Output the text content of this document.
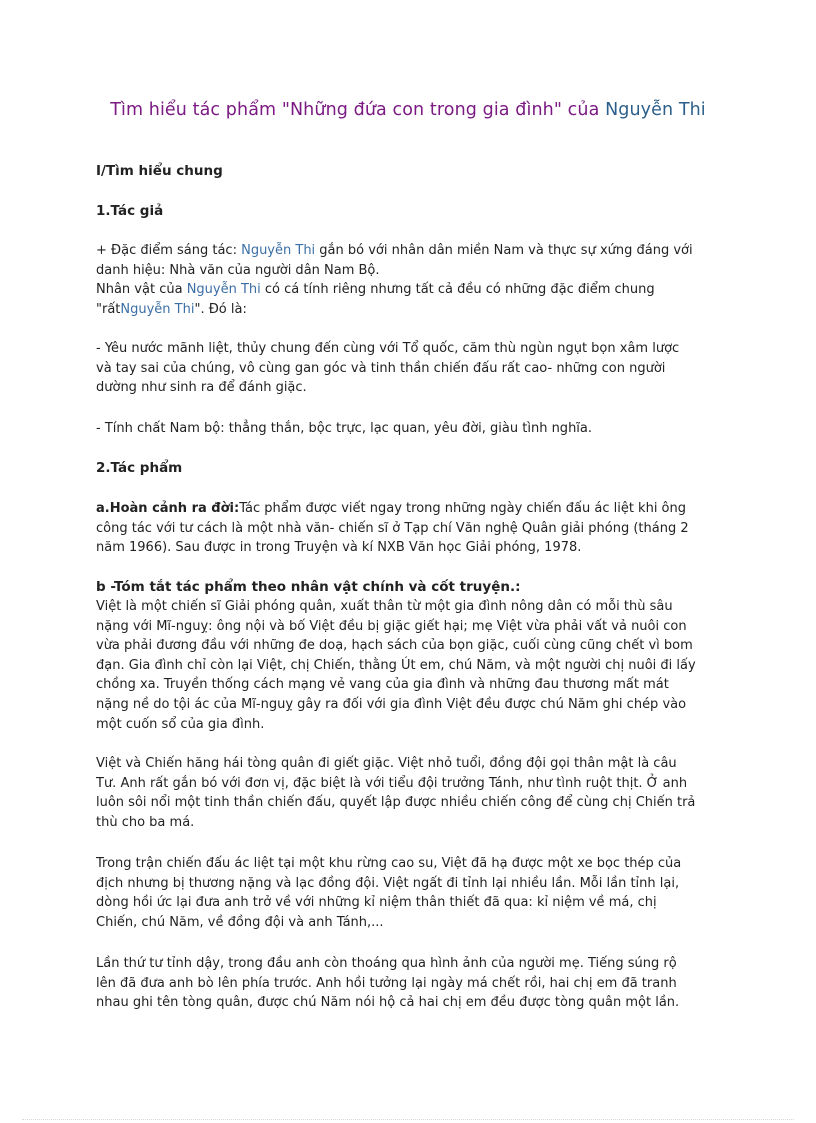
Tìm hiểu tác phẩm "Những đứa con trong gia đình" của Nguyễn Thi
I/Tìm hiểu chung
1.Tác giả
+ Đặc điểm sáng tác: Nguyễn Thi gắn bó với nhân dân miền Nam và thực sự xứng đáng với
danh hiệu: Nhà văn của người dân Nam Bộ.
Nhân vật của Nguyễn Thi có cá tính riêng nhưng tất cả đều có những đặc điểm chung
"rấtNguyễn Thi". Đó là:
- Yêu nước mãnh liệt, thủy chung đến cùng với Tổ quốc, căm thù ngùn ngụt bọn xâm lược
và tay sai của chúng, vô cùng gan góc và tinh thần chiến đấu rất cao- những con người
dường như sinh ra để đánh giặc.
- Tính chất Nam bộ: thẳng thắn, bộc trực, lạc quan, yêu đời, giàu tình nghĩa.
2.Tác phẩm
a.Hoàn cảnh ra đời:Tác phẩm được viết ngay trong những ngày chiến đấu ác liệt khi ông
công tác với tư cách là một nhà văn- chiến sĩ ở Tạp chí Văn nghệ Quân giải phóng (tháng 2
năm 1966). Sau được in trong Truyện và kí NXB Văn học Giải phóng, 1978.
b -Tóm tắt tác phẩm theo nhân vật chính và cốt truyện.:
Việt là một chiến sĩ Giải phóng quân, xuất thân từ một gia đình nông dân có mỗi thù sâu
nặng với Mĩ-nguỵ: ông nội và bố Việt đều bị giặc giết hại; mẹ Việt vừa phải vất vả nuôi con
vừa phải đương đầu với những đe doạ, hạch sách của bọn giặc, cuối cùng cũng chết vì bom
đạn. Gia đình chỉ còn lại Việt, chị Chiến, thằng Út em, chú Năm, và một người chị nuôi đi lấy
chồng xa. Truyền thống cách mạng vẻ vang của gia đình và những đau thương mất mát
nặng nề do tội ác của Mĩ-nguỵ gây ra đối với gia đình Việt đều được chú Năm ghi chép vào
một cuốn sổ của gia đình.
Việt và Chiến hăng hái tòng quân đi giết giặc. Việt nhỏ tuổi, đồng đội gọi thân mật là câu
Tư. Anh rất gắn bó với đơn vị, đặc biệt là với tiểu đội trưởng Tánh, như tình ruột thịt. Ở anh
luôn sôi nổi một tinh thần chiến đấu, quyết lập được nhiều chiến công để cùng chị Chiến trả
thù cho ba má.
Trong trận chiến đấu ác liệt tại một khu rừng cao su, Việt đã hạ được một xe bọc thép của
địch nhưng bị thương nặng và lạc đồng đội. Việt ngất đi tỉnh lại nhiều lần. Mỗi lần tỉnh lại,
dòng hồi ức lại đưa anh trở về với những kỉ niệm thân thiết đã qua: kỉ niệm về má, chị
Chiến, chú Năm, về đồng đội và anh Tánh,...
Lần thứ tư tỉnh dậy, trong đầu anh còn thoáng qua hình ảnh của người mẹ. Tiếng súng rộ
lên đã đưa anh bò lên phía trước. Anh hồi tưởng lại ngày má chết rồi, hai chị em đã tranh
nhau ghi tên tòng quân, được chú Năm nói hộ cả hai chị em đều được tòng quân một lần.
